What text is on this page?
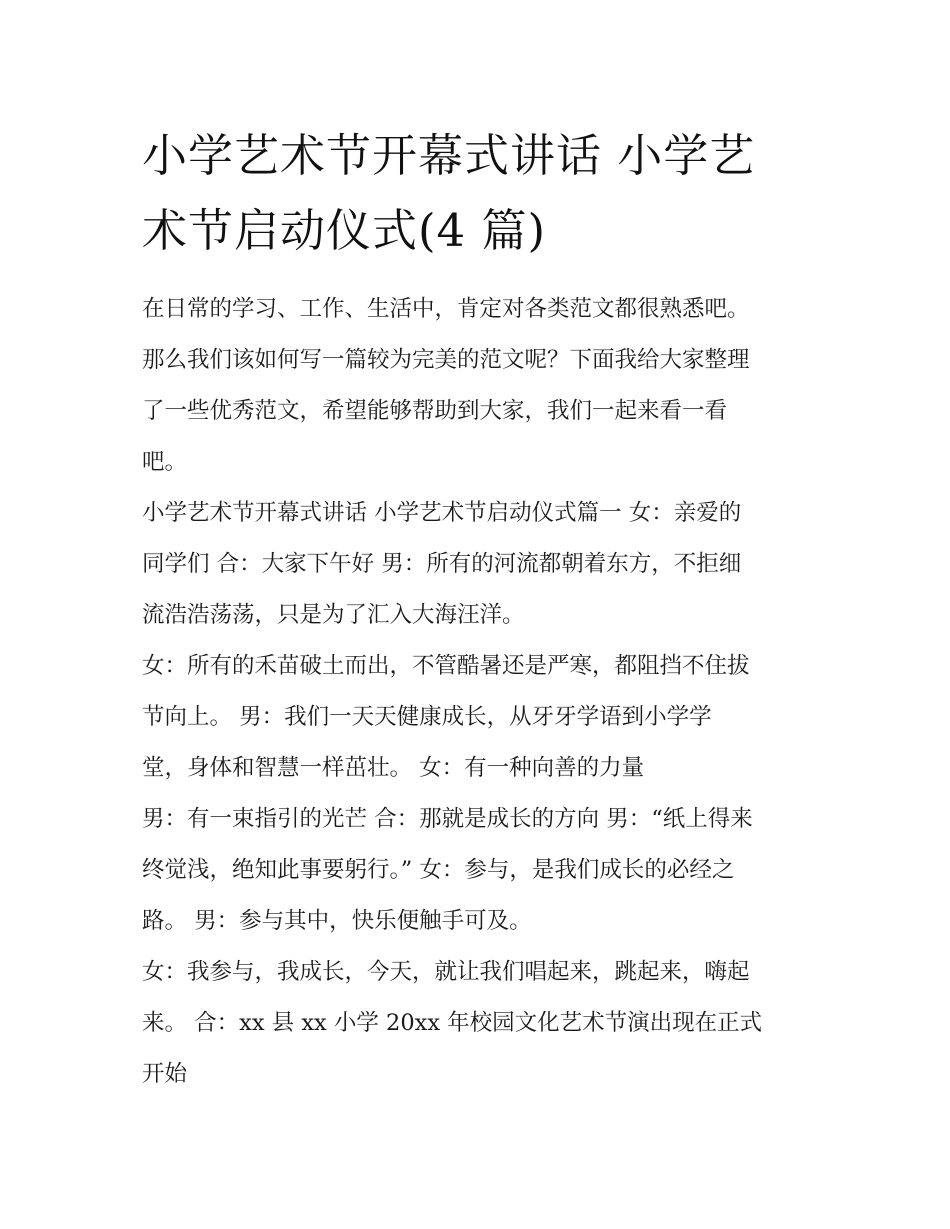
小学艺术节开幕式讲话 小学艺
术节启动仪式(4 篇)

在日常的学习、工作、生活中，肯定对各类范文都很熟悉吧。
那么我们该如何写一篇较为完美的范文呢？下面我给大家整理
了一些优秀范文，希望能够帮助到大家，我们一起来看一看
吧。

小学艺术节开幕式讲话 小学艺术节启动仪式篇一 女：亲爱的
同学们 合：大家下午好 男：所有的河流都朝着东方，不拒细
流浩浩荡荡，只是为了汇入大海汪洋。

女：所有的禾苗破土而出，不管酷暑还是严寒，都阻挡不住拔
节向上。 男：我们一天天健康成长，从牙牙学语到小学学
堂，身体和智慧一样茁壮。 女：有一种向善的力量

男：有一束指引的光芒 合：那就是成长的方向 男：“纸上得来
终觉浅，绝知此事要躬行。” 女：参与，是我们成长的必经之
路。 男：参与其中，快乐便触手可及。

女：我参与，我成长，今天，就让我们唱起来，跳起来，嗨起
来。 合：xx 县 xx 小学 20xx 年校园文化艺术节演出现在正式
开始
